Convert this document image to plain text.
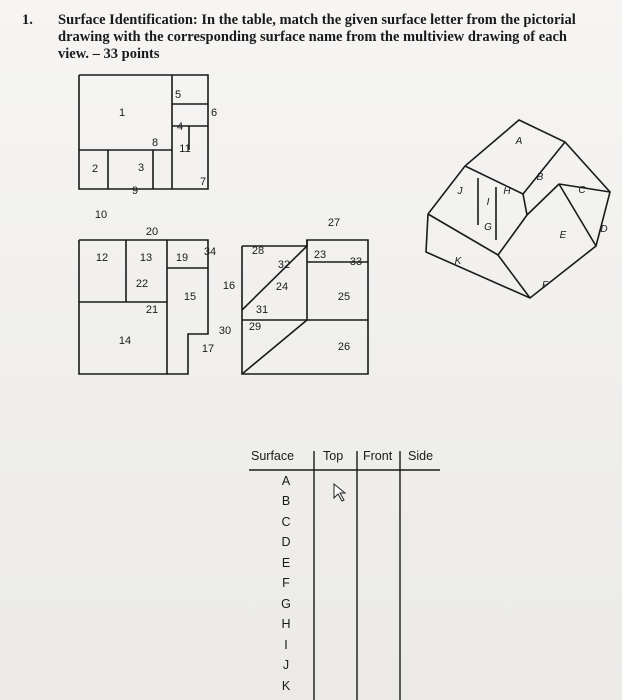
1. Surface Identification: In the table, match the given surface letter from the pictorial drawing with the corresponding surface name from the multiview drawing of each view. – 33 points
5
1	6
4
11
8
2	3
7
9
10
20
12	13 19 34
22	16
15
21
14
17
27
28	23
33
32
24
25
31
30 29
26
A
B
C
D
E
F
G
H
I
J
K
Surface Top Front Side
A
B
C
D
E
F
G
H
I
J
K
